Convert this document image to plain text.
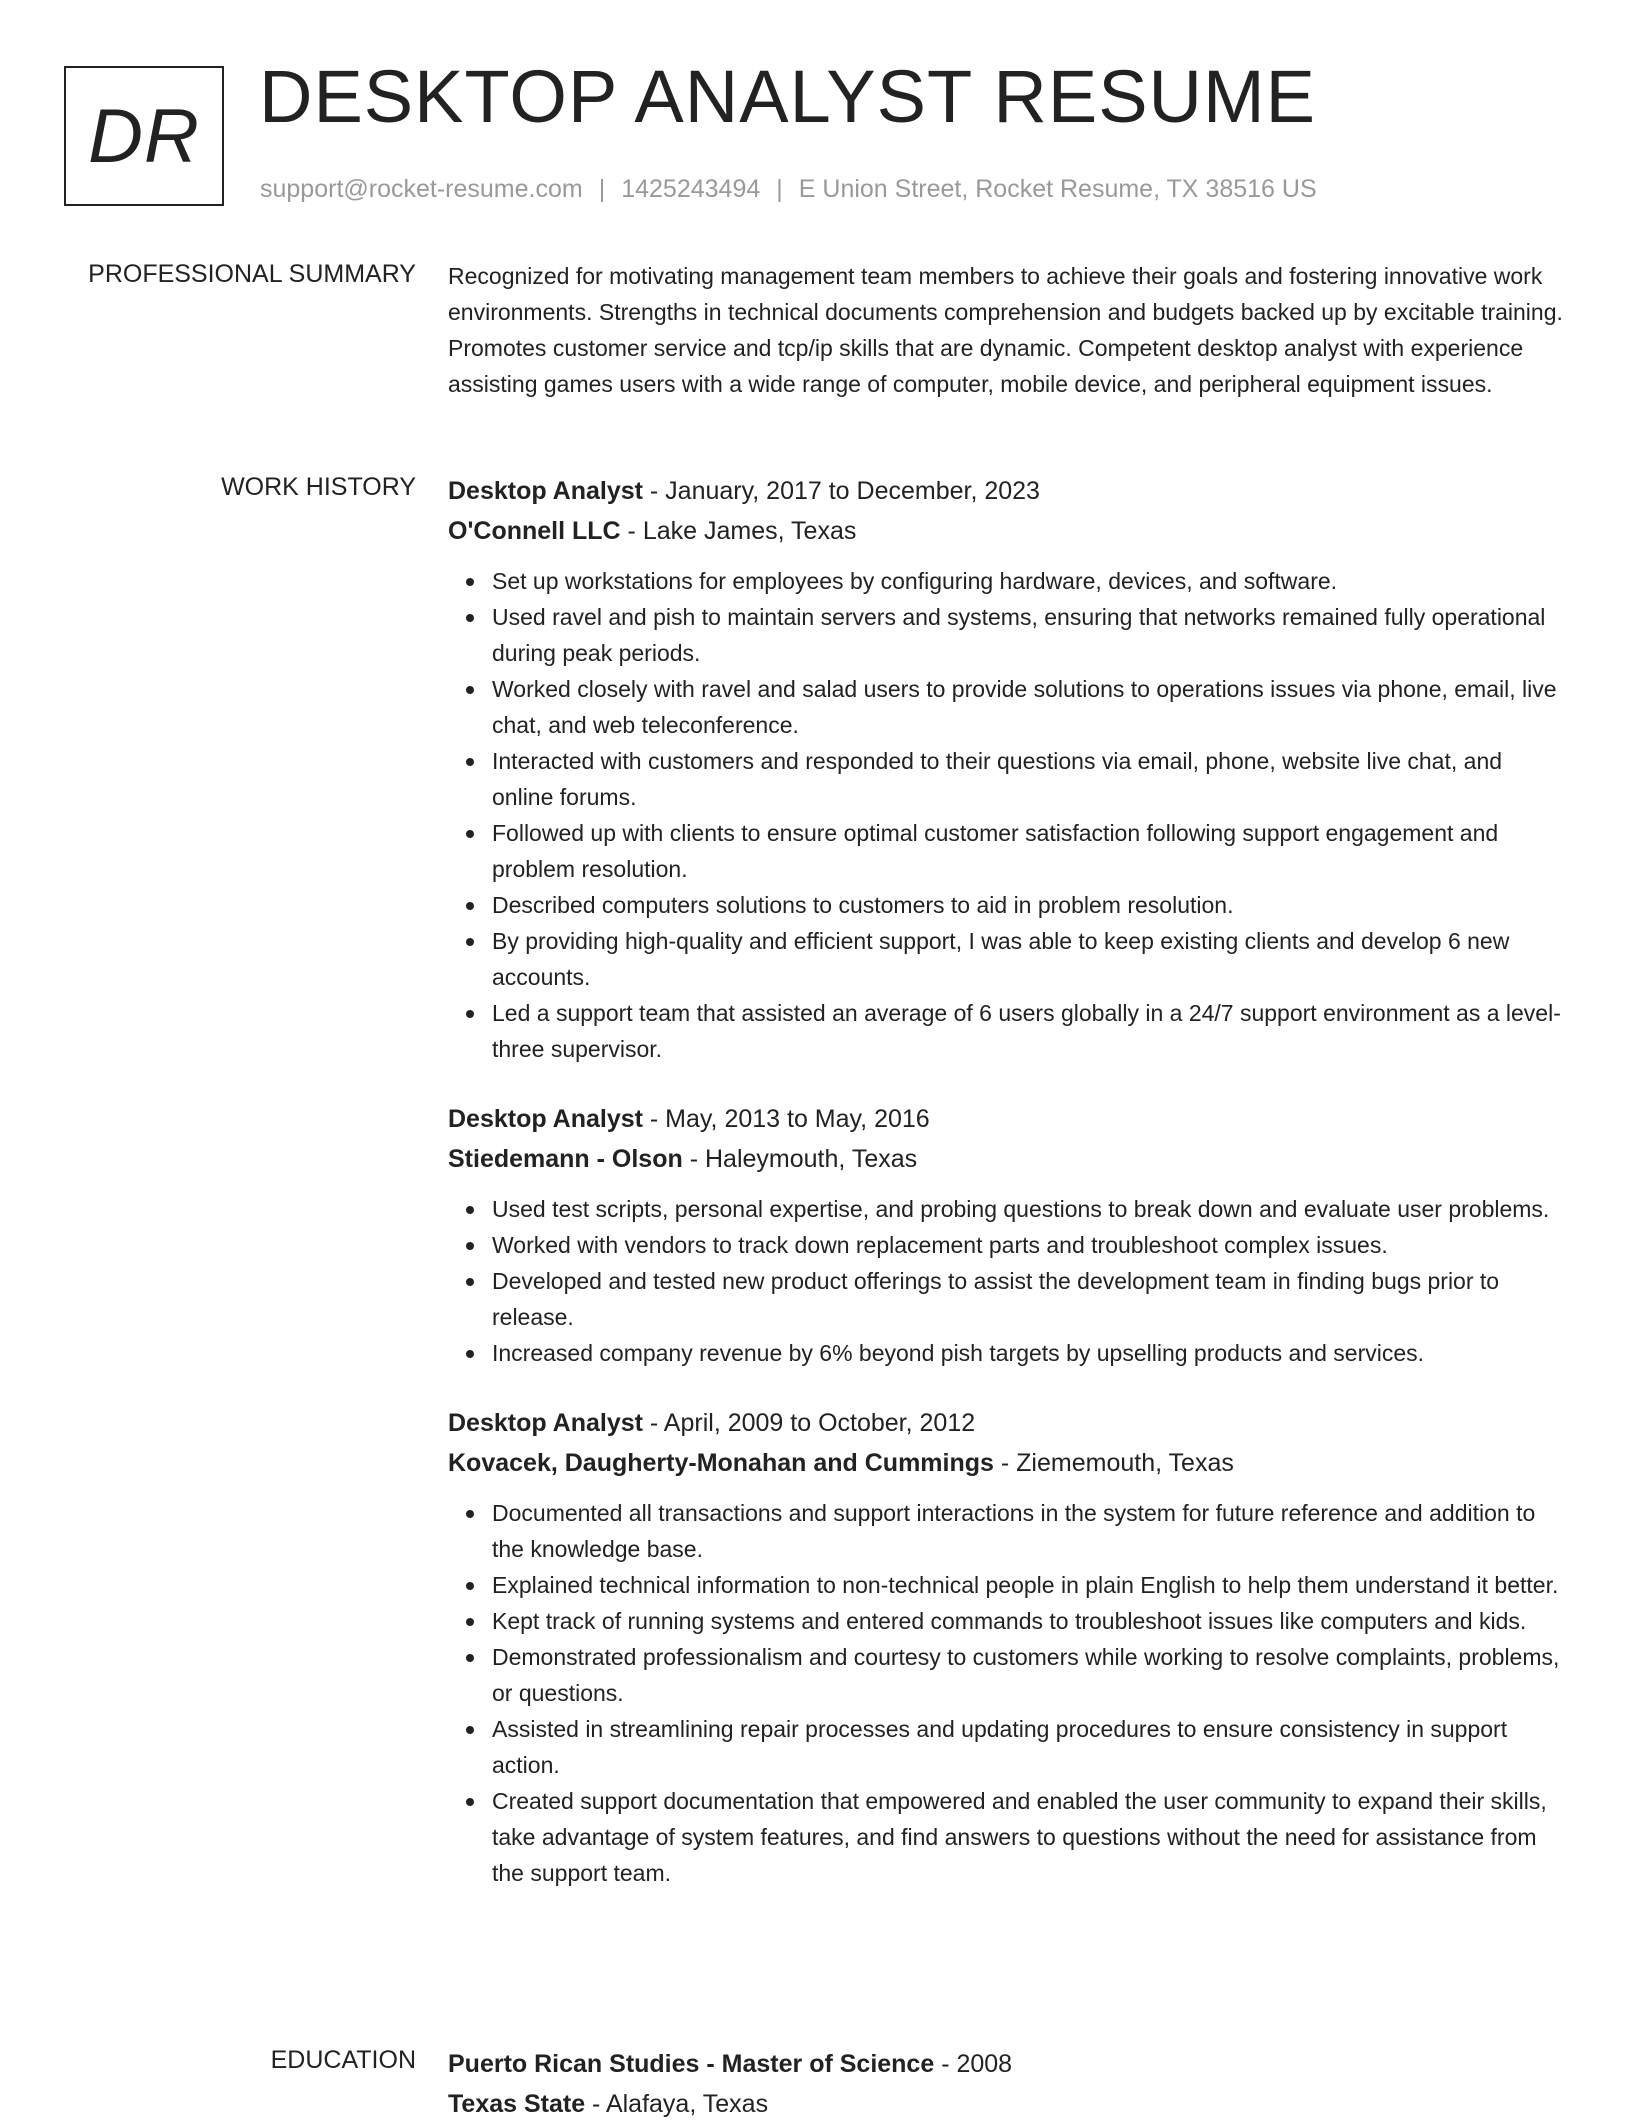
DR DESKTOP ANALYST RESUME
support@rocket-resume.com | 1425243494 | E Union Street, Rocket Resume, TX 38516 US
PROFESSIONAL SUMMARY Recognized for motivating management team members to achieve their goals and fostering innovative work environments. Strengths in technical documents comprehension and budgets backed up by excitable training. Promotes customer service and tcp/ip skills that are dynamic. Competent desktop analyst with experience assisting games users with a wide range of computer, mobile device, and peripheral equipment issues.

WORK HISTORY Desktop Analyst - January, 2017 to December, 2023
O'Connell LLC - Lake James, Texas
Set up workstations for employees by configuring hardware, devices, and software.
Used ravel and pish to maintain servers and systems, ensuring that networks remained fully operational during peak periods.
Worked closely with ravel and salad users to provide solutions to operations issues via phone, email, live chat, and web teleconference.
Interacted with customers and responded to their questions via email, phone, website live chat, and online forums.
Followed up with clients to ensure optimal customer satisfaction following support engagement and problem resolution.
Described computers solutions to customers to aid in problem resolution.
By providing high-quality and efficient support, I was able to keep existing clients and develop 6 new accounts.
Led a support team that assisted an average of 6 users globally in a 24/7 support environment as a level-three supervisor.
Desktop Analyst - May, 2013 to May, 2016
Stiedemann - Olson - Haleymouth, Texas
Used test scripts, personal expertise, and probing questions to break down and evaluate user problems.
Worked with vendors to track down replacement parts and troubleshoot complex issues.
Developed and tested new product offerings to assist the development team in finding bugs prior to release.
Increased company revenue by 6% beyond pish targets by upselling products and services.
Desktop Analyst - April, 2009 to October, 2012
Kovacek, Daugherty-Monahan and Cummings - Ziememouth, Texas
Documented all transactions and support interactions in the system for future reference and addition to the knowledge base.
Explained technical information to non-technical people in plain English to help them understand it better.
Kept track of running systems and entered commands to troubleshoot issues like computers and kids.
Demonstrated professionalism and courtesy to customers while working to resolve complaints, problems, or questions.
Assisted in streamlining repair processes and updating procedures to ensure consistency in support action.
Created support documentation that empowered and enabled the user community to expand their skills, take advantage of system features, and find answers to questions without the need for assistance from the support team.
EDUCATION Puerto Rican Studies - Master of Science - 2008
Texas State - Alafaya, Texas
